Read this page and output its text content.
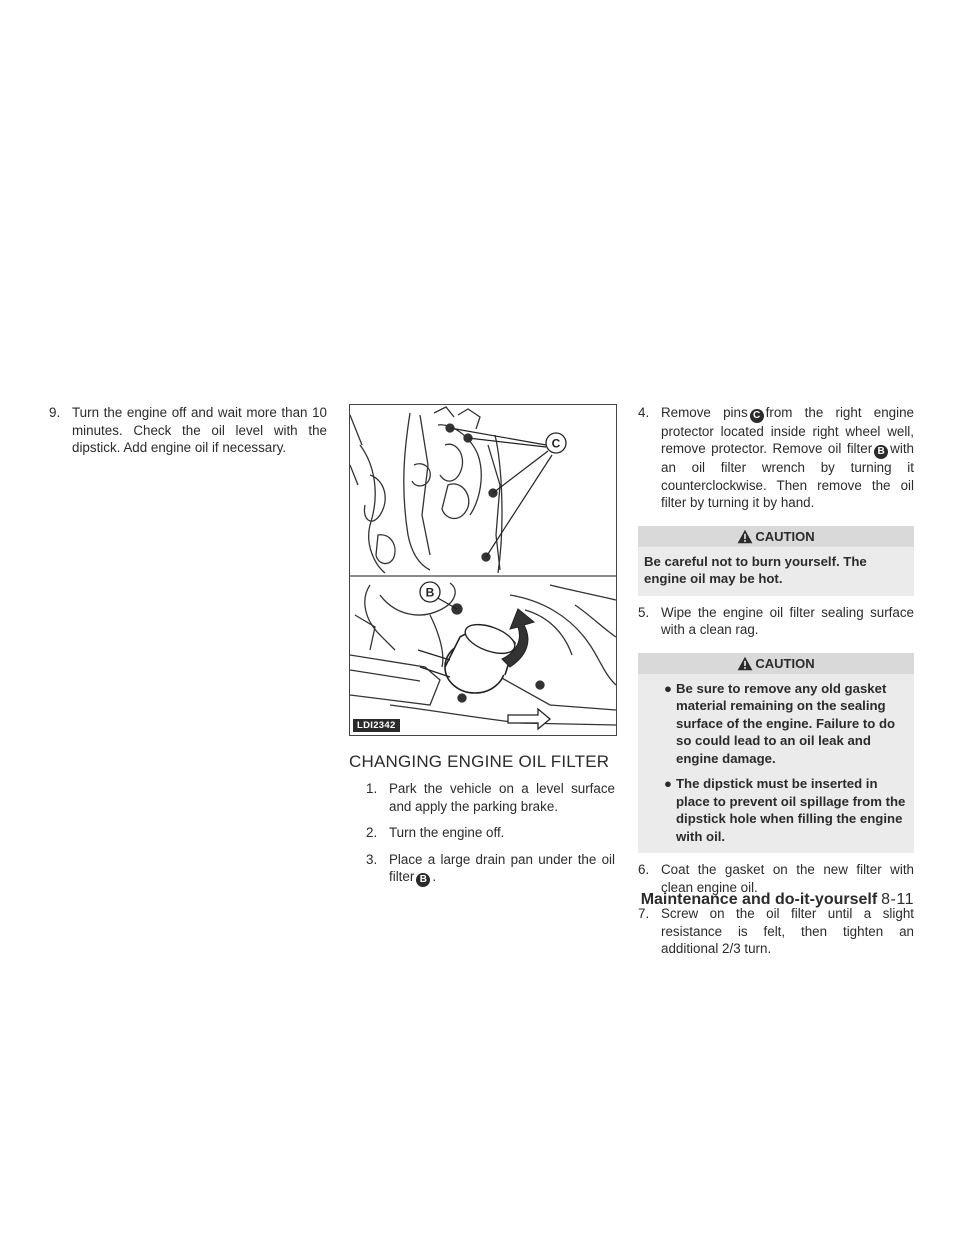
9. Turn the engine off and wait more than 10 minutes. Check the oil level with the dipstick. Add engine oil if necessary.	C
B
LDI2342
CHANGING ENGINE OIL FILTER

1. Park the vehicle on a level surface and apply the parking brake.

2. Turn the engine off.

3. Place a large drain pan under the oil filter B .

4. Remove pins C from the right engine protector located inside right wheel well, remove protector. Remove oil filter B with an oil filter wrench by turning it counterclockwise. Then remove the oil filter by turning it by hand.

CAUTION

Be careful not to burn yourself. The engine oil may be hot.

5. Wipe the engine oil filter sealing surface with a clean rag.

CAUTION

● Be sure to remove any old gasket material remaining on the sealing surface of the engine. Failure to do so could lead to an oil leak and engine damage.

● The dipstick must be inserted in place to prevent oil spillage from the dipstick hole when filling the engine with oil.

6. Coat the gasket on the new filter with clean engine oil.

7. Screw on the oil filter until a slight resistance is felt, then tighten an additional 2/3 turn.

Maintenance and do-it-yourself 8-11
